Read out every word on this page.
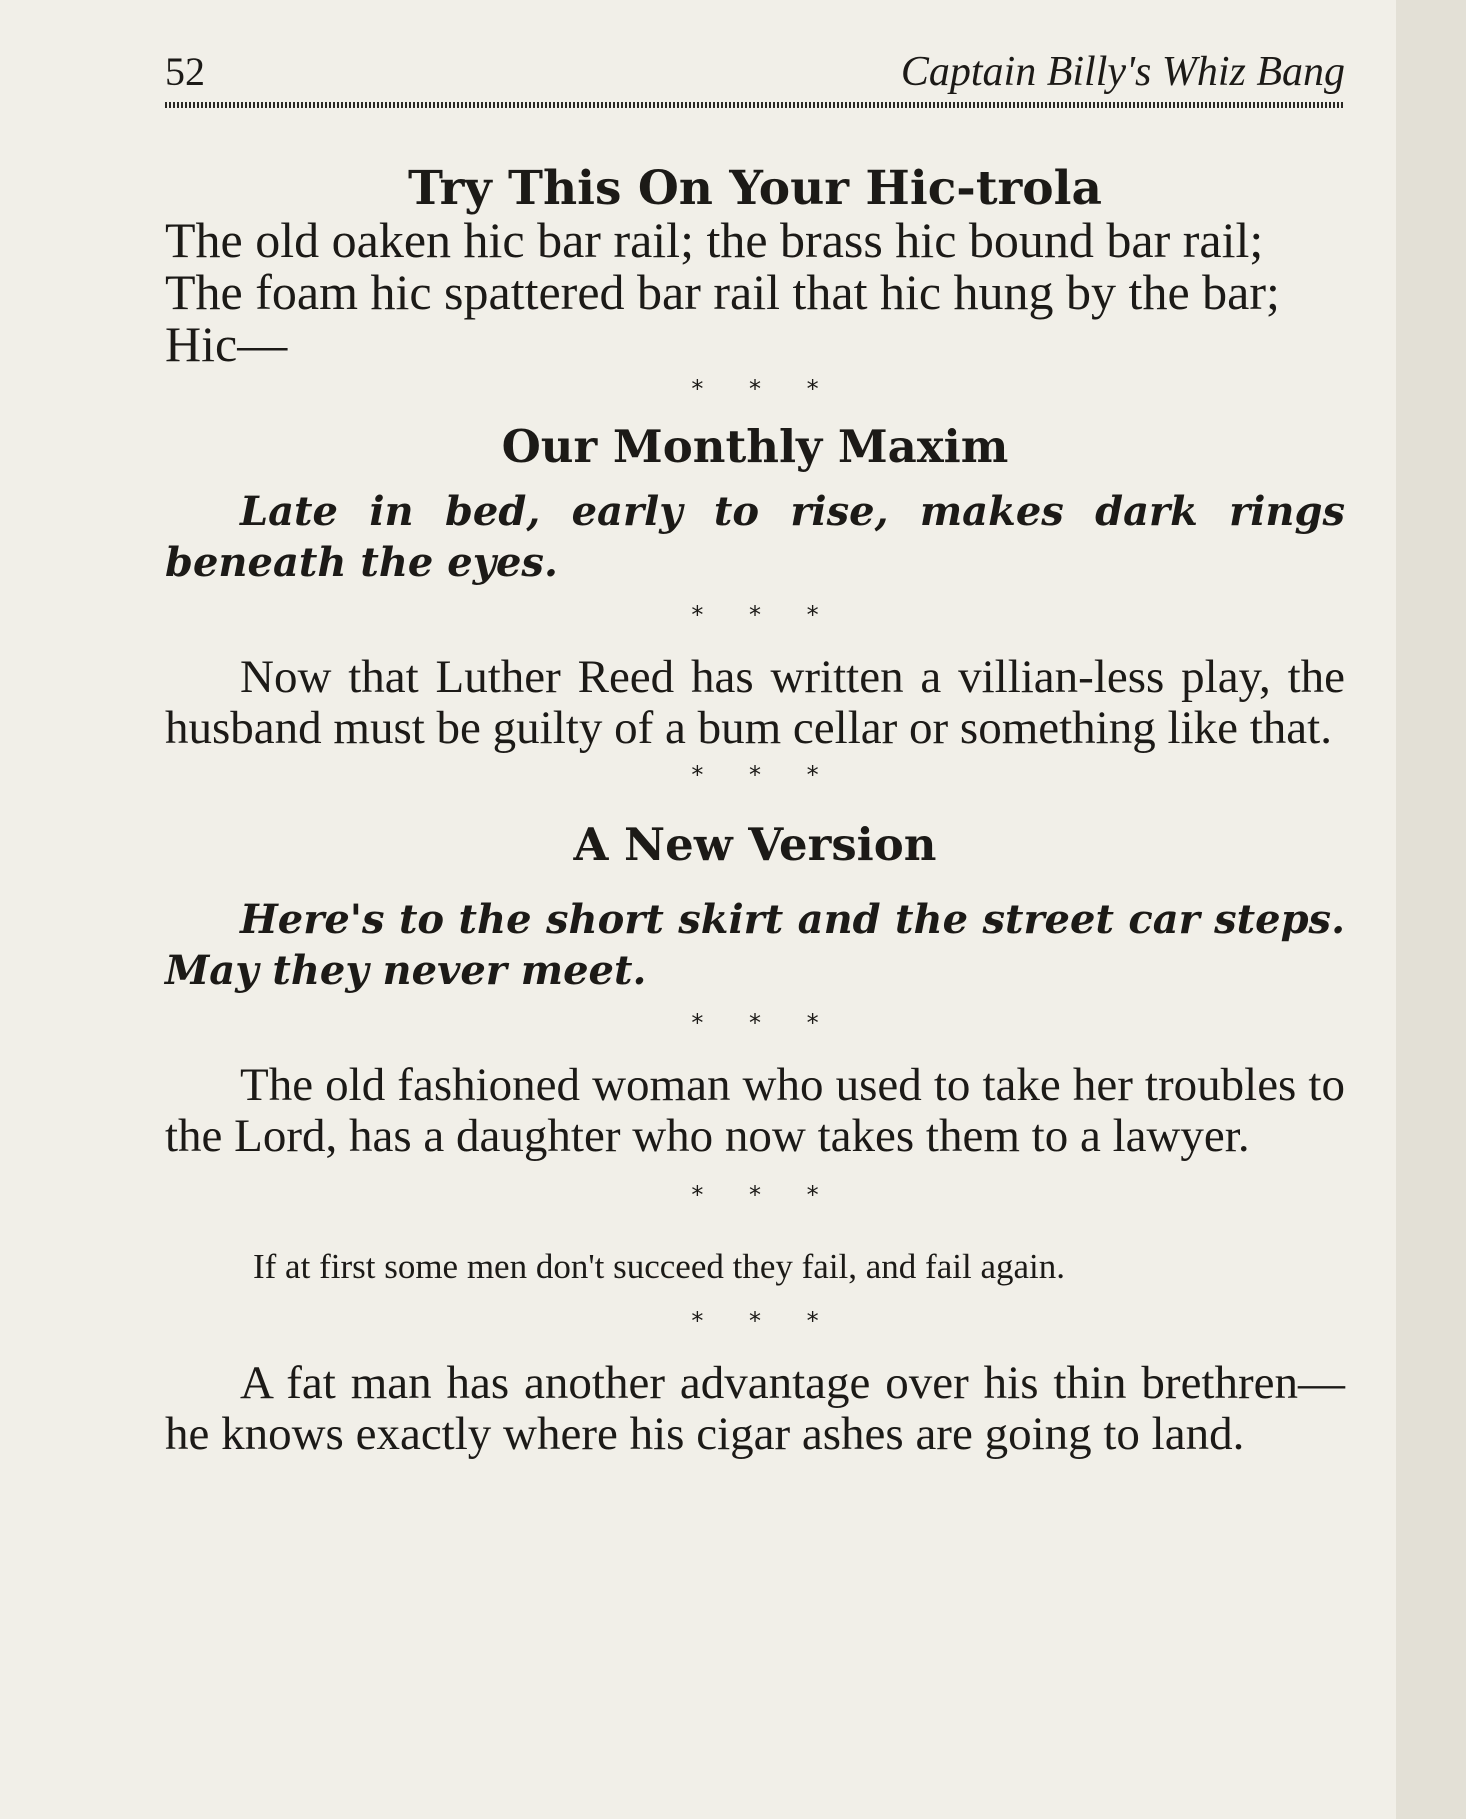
52	Captain Billy's Whiz Bang
Try This On Your Hic-trola
The old oaken hic bar rail; the brass hic bound bar rail;
The foam hic spattered bar rail that hic hung by the bar;
Hic—
* * *
Our Monthly Maxim

Late in bed, early to rise, makes dark rings beneath the eyes.

* * *

Now that Luther Reed has written a villian-less play, the husband must be guilty of a bum cellar or something like that.

* * *
A New Version

Here's to the short skirt and the street car steps. May they never meet.

* * *

The old fashioned woman who used to take her troubles to the Lord, has a daughter who now takes them to a lawyer.

* * *

If at first some men don't succeed they fail, and fail again.

* * *

A fat man has another advantage over his thin brethren—he knows exactly where his cigar ashes are going to land.
